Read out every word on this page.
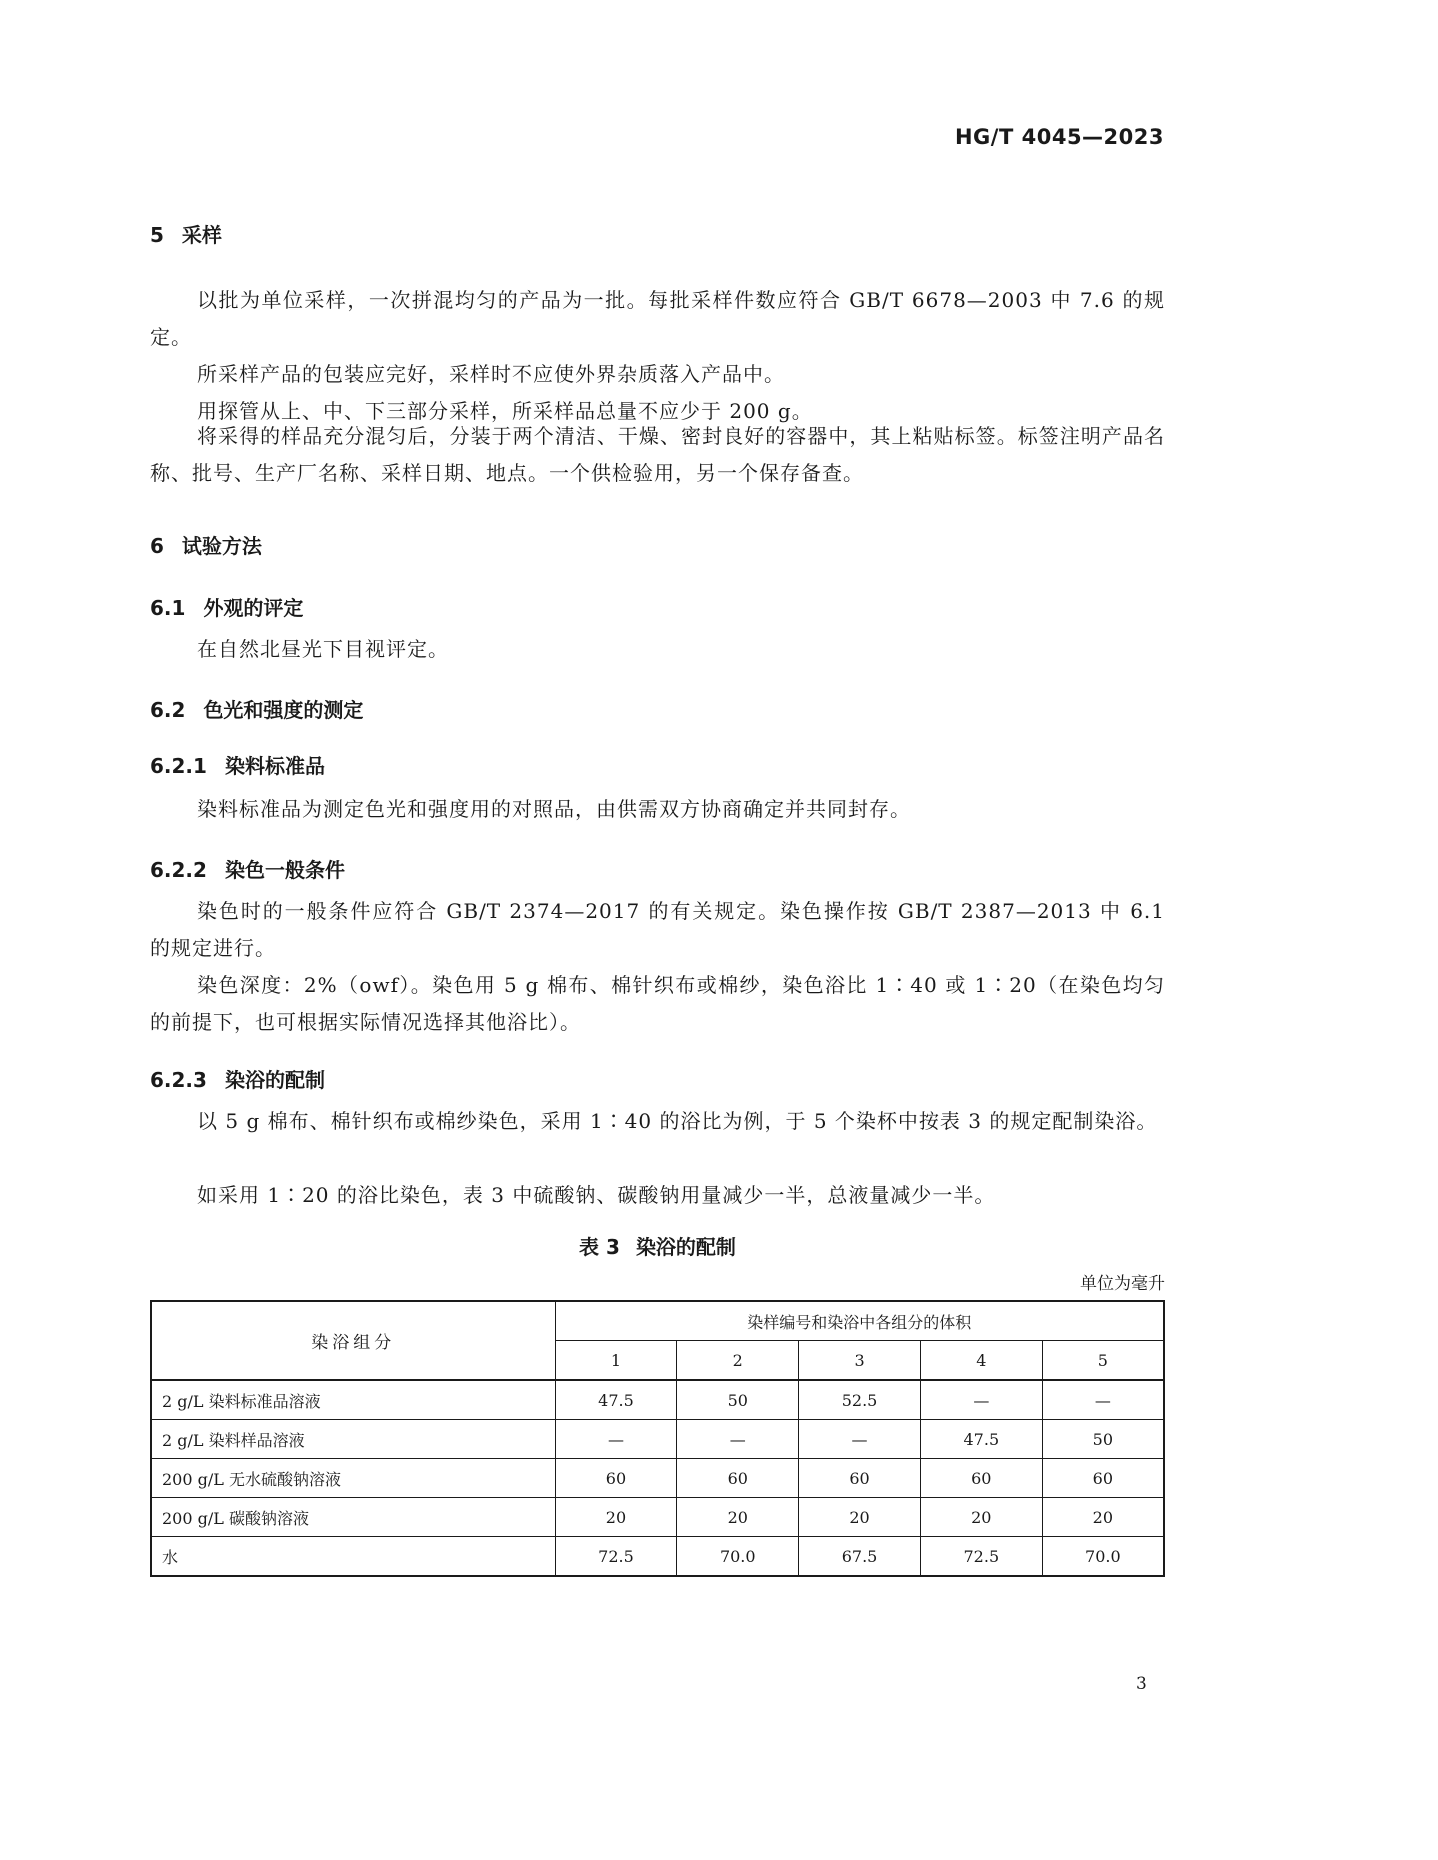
HG/T 4045—2023
5 采样
以批为单位采样，一次拼混均匀的产品为一批。每批采样件数应符合 GB/T 6678—2003 中 7.6 的规定。
所采样产品的包装应完好，采样时不应使外界杂质落入产品中。
用探管从上、中、下三部分采样，所采样品总量不应少于 200 g。
将采得的样品充分混匀后，分装于两个清洁、干燥、密封良好的容器中，其上粘贴标签。标签注明产品名称、批号、生产厂名称、采样日期、地点。一个供检验用，另一个保存备查。
6 试验方法
6.1 外观的评定
在自然北昼光下目视评定。
6.2 色光和强度的测定
6.2.1 染料标准品
染料标准品为测定色光和强度用的对照品，由供需双方协商确定并共同封存。
6.2.2 染色一般条件
染色时的一般条件应符合 GB/T 2374—2017 的有关规定。染色操作按 GB/T 2387—2013 中 6.1 的规定进行。
染色深度：2%（owf）。染色用 5 g 棉布、棉针织布或棉纱，染色浴比 1∶40 或 1∶20（在染色均匀的前提下，也可根据实际情况选择其他浴比）。
6.2.3 染浴的配制
以 5 g 棉布、棉针织布或棉纱染色，采用 1∶40 的浴比为例，于 5 个染杯中按表 3 的规定配制染浴。
如采用 1∶20 的浴比染色，表 3 中硫酸钠、碳酸钠用量减少一半，总液量减少一半。
表 3 染浴的配制
单位为毫升
染浴组分	染样编号和染浴中各组分的体积				
	1	2	3	4	5
2 g/L 染料标准品溶液	47.5	50	52.5	—	—
2 g/L 染料样品溶液	—	—	—	47.5	50
200 g/L 无水硫酸钠溶液	60	60	60	60	60
200 g/L 碳酸钠溶液	20	20	20	20	20
水	72.5	70.0	67.5	72.5	70.0
3
